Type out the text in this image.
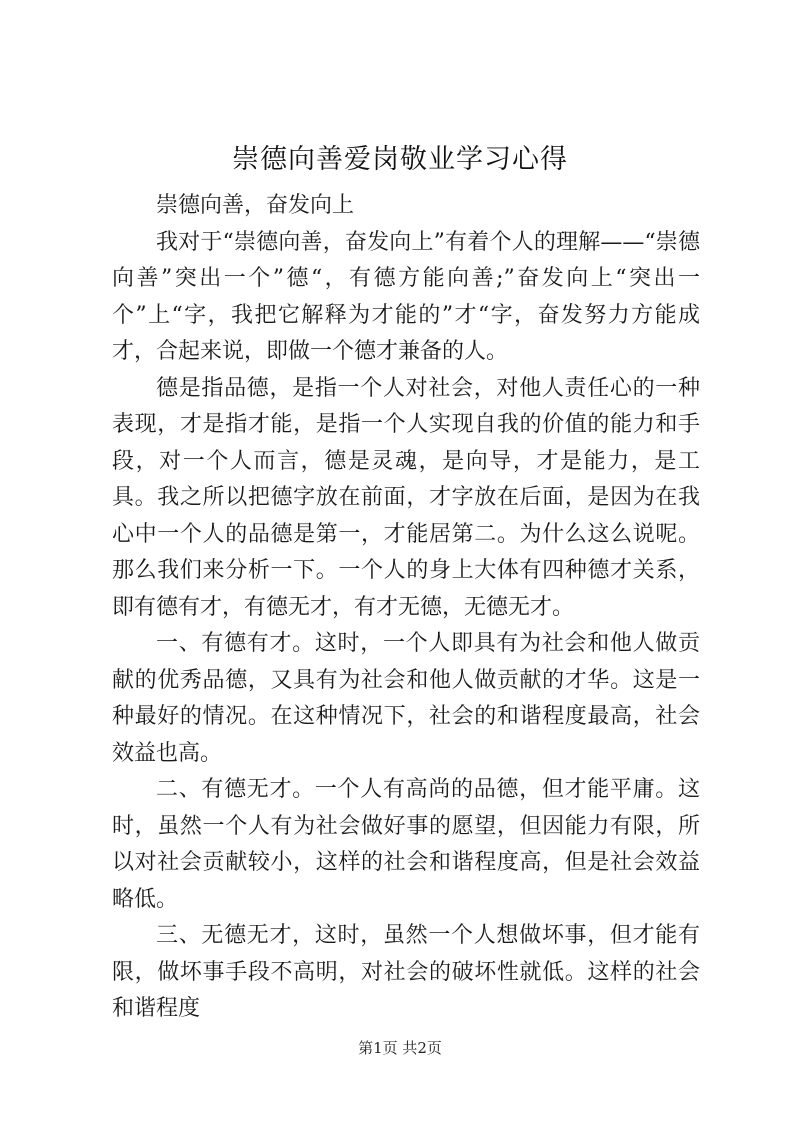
崇德向善爱岗敬业学习心得

崇德向善，奋发向上

我对于“崇德向善，奋发向上”有着个人的理解——“崇德向善”突出一个”德“，有德方能向善;”奋发向上“突出一个”上“字，我把它解释为才能的”才“字，奋发努力方能成才，合起来说，即做一个德才兼备的人。

德是指品德，是指一个人对社会，对他人责任心的一种表现，才是指才能，是指一个人实现自我的价值的能力和手段，对一个人而言，德是灵魂，是向导，才是能力，是工具。我之所以把德字放在前面，才字放在后面，是因为在我心中一个人的品德是第一，才能居第二。为什么这么说呢。那么我们来分析一下。一个人的身上大体有四种德才关系，即有德有才，有德无才，有才无德，无德无才。

一、有德有才。这时，一个人即具有为社会和他人做贡献的优秀品德，又具有为社会和他人做贡献的才华。这是一种最好的情况。在这种情况下，社会的和谐程度最高，社会效益也高。

二、有德无才。一个人有高尚的品德，但才能平庸。这时，虽然一个人有为社会做好事的愿望，但因能力有限，所以对社会贡献较小，这样的社会和谐程度高，但是社会效益略低。

三、无德无才，这时，虽然一个人想做坏事，但才能有限，做坏事手段不高明，对社会的破坏性就低。这样的社会和谐程度

第1页 共2页
